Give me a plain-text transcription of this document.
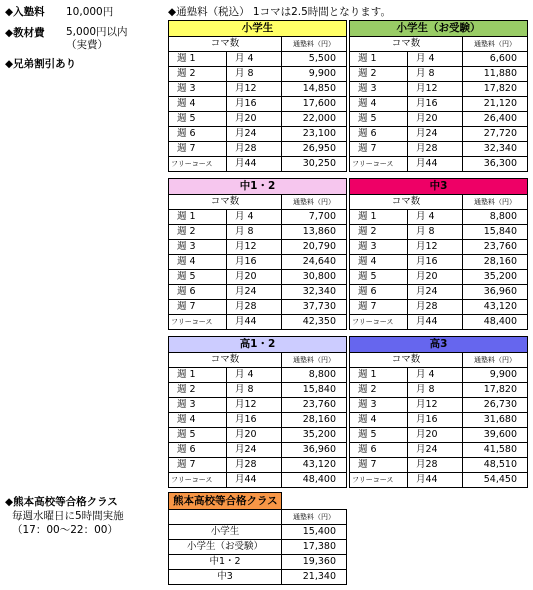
◆入塾料 10,000円
◆教材費 5,000円以内
（実費）
◆兄弟割引あり
◆通塾料（税込） 1コマは2.5時間となります。
小学生		
コマ数		通塾料（円）
週 1	月 4	5,500
週 2	月 8	9,900
週 3	月12	14,850
週 4	月16	17,600
週 5	月20	22,000
週 6	月24	23,100
週 7	月28	26,950
フリーコース	月44	30,250
小学生（お受験）		
コマ数		通塾料（円）
週 1	月 4	6,600
週 2	月 8	11,880
週 3	月12	17,820
週 4	月16	21,120
週 5	月20	26,400
週 6	月24	27,720
週 7	月28	32,340
フリーコース	月44	36,300
中1・2		
コマ数		通塾料（円）
週 1	月 4	7,700
週 2	月 8	13,860
週 3	月12	20,790
週 4	月16	24,640
週 5	月20	30,800
週 6	月24	32,340
週 7	月28	37,730
フリーコース	月44	42,350
中3		
コマ数		通塾料（円）
週 1	月 4	8,800
週 2	月 8	15,840
週 3	月12	23,760
週 4	月16	28,160
週 5	月20	35,200
週 6	月24	36,960
週 7	月28	43,120
フリーコース	月44	48,400
高1・2		
コマ数		通塾料（円）
週 1	月 4	8,800
週 2	月 8	15,840
週 3	月12	23,760
週 4	月16	28,160
週 5	月20	35,200
週 6	月24	36,960
週 7	月28	43,120
フリーコース	月44	48,400
高3		
コマ数		通塾料（円）
週 1	月 4	9,900
週 2	月 8	17,820
週 3	月12	26,730
週 4	月16	31,680
週 5	月20	39,600
週 6	月24	41,580
週 7	月28	48,510
フリーコース	月44	54,450
◆熊本高校等合格クラス
毎週水曜日に5時間実施
（17：00～22：00）
熊本高校等合格クラス	
	通塾料（円）
小学生	15,400
小学生（お受験）	17,380
中1・2	19,360
中3	21,340
